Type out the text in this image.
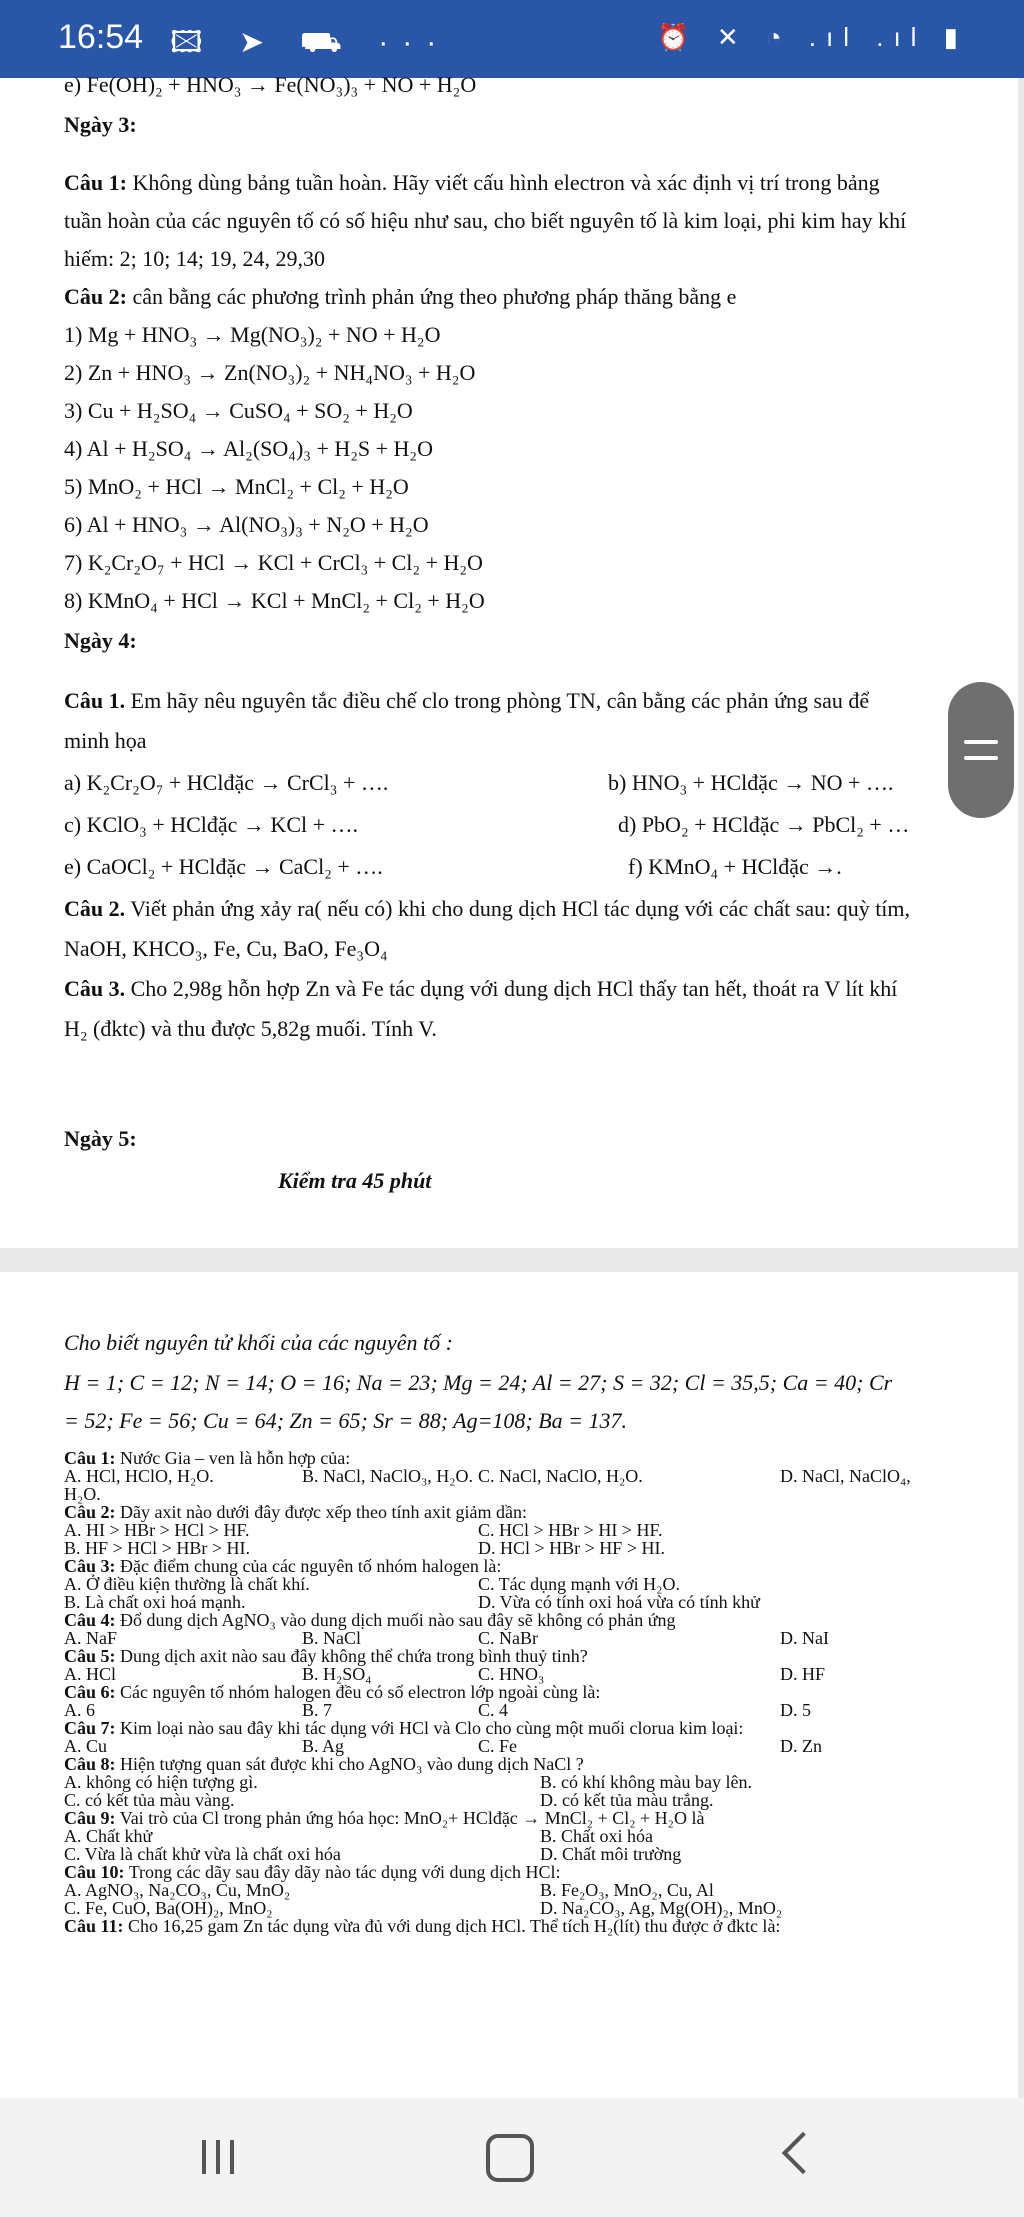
16:54 🖾 ➤ ⛟ ···	⏰ ✕ ◔ .ıl .ıl ▮
e) Fe(OH)₂ + HNO₃ → Fe(NO₃)₃ + NO + H₂O
Ngày 3:
Câu 1: Không dùng bảng tuần hoàn. Hãy viết cấu hình electron và xác định vị trí trong bảng
tuần hoàn của các nguyên tố có số hiệu như sau, cho biết nguyên tố là kim loại, phi kim hay khí
hiếm: 2; 10; 14; 19, 24, 29,30
Câu 2: cân bằng các phương trình phản ứng theo phương pháp thăng bằng e
1) Mg + HNO₃ → Mg(NO₃)₂ + NO + H₂O
2) Zn + HNO₃ → Zn(NO₃)₂ + NH₄NO₃ + H₂O
3) Cu + H₂SO₄ → CuSO₄ + SO₂ + H₂O
4) Al + H₂SO₄ → Al₂(SO₄)₃ + H₂S + H₂O
5) MnO₂ + HCl → MnCl₂ + Cl₂ + H₂O
6) Al + HNO₃ → Al(NO₃)₃ + N₂O + H₂O
7) K₂Cr₂O₇ + HCl → KCl + CrCl₃ + Cl₂ + H₂O
8) KMnO₄ + HCl → KCl + MnCl₂ + Cl₂ + H₂O
Ngày 4:
Câu 1. Em hãy nêu nguyên tắc điều chế clo trong phòng TN, cân bằng các phản ứng sau để
minh họa
a) K₂Cr₂O₇ + HClđặc → CrCl₃ + ….	b) HNO₃ + HClđặc → NO + ….
c) KClO₃ + HClđặc → KCl + ….	d) PbO₂ + HClđặc → PbCl₂ + …
e) CaOCl₂ + HClđặc → CaCl₂ + ….	f) KMnO₄ + HClđặc →.
Câu 2. Viết phản ứng xảy ra( nếu có) khi cho dung dịch HCl tác dụng với các chất sau: quỳ tím,
NaOH, KHCO₃, Fe, Cu, BaO, Fe₃O₄
Câu 3. Cho 2,98g hỗn hợp Zn và Fe tác dụng với dung dịch HCl thấy tan hết, thoát ra V lít khí
H₂ (đktc) và thu được 5,82g muối. Tính V.
Ngày 5:
Kiểm tra 45 phút
Cho biết nguyên tử khối của các nguyên tố :
H = 1; C = 12; N = 14; O = 16; Na = 23; Mg = 24; Al = 27; S = 32; Cl = 35,5; Ca = 40; Cr
= 52; Fe = 56; Cu = 64; Zn = 65; Sr = 88; Ag=108; Ba = 137.
Câu 1: Nước Gia – ven là hỗn hợp của:
A. HCl, HClO, H₂O.	B. NaCl, NaClO₃, H₂O. C. NaCl, NaClO, H₂O.	D. NaCl, NaClO₄,
H₂O.
Câu 2: Dãy axit nào dưới đây được xếp theo tính axit giảm dần:
A. HI > HBr > HCl > HF.	C. HCl > HBr > HI > HF.
B. HF > HCl > HBr > HI.	D. HCl > HBr > HF > HI.
Câu 3: Đặc điểm chung của các nguyên tố nhóm halogen là:
A. Ở điều kiện thường là chất khí.	C. Tác dụng mạnh với H₂O.
B. Là chất oxi hoá mạnh.	D. Vừa có tính oxi hoá vừa có tính khử
Câu 4: Đổ dung dịch AgNO₃ vào dung dịch muối nào sau đây sẽ không có phản ứng
A. NaF	B. NaCl	C. NaBr	D. NaI
Câu 5: Dung dịch axit nào sau đây không thể chứa trong bình thuỷ tinh?
A. HCl	B. H₂SO₄	C. HNO₃	D. HF
Câu 6: Các nguyên tố nhóm halogen đều có số electron lớp ngoài cùng là:
A. 6	B. 7	C. 4	D. 5
Câu 7: Kim loại nào sau đây khi tác dụng với HCl và Clo cho cùng một muối clorua kim loại:
A. Cu	B. Ag	C. Fe	D. Zn
Câu 8: Hiện tượng quan sát được khi cho AgNO₃ vào dung dịch NaCl ?
A. không có hiện tượng gì.	B. có khí không màu bay lên.
C. có kết tủa màu vàng.	D. có kết tủa màu trắng.
Câu 9: Vai trò của Cl trong phản ứng hóa học: MnO₂+ HClđặc → MnCl₂ + Cl₂ + H₂O là
A. Chất khử	B. Chất oxi hóa
C. Vừa là chất khử vừa là chất oxi hóa	D. Chất môi trường
Câu 10: Trong các dãy sau đây dãy nào tác dụng với dung dịch HCl:
A. AgNO₃, Na₂CO₃, Cu, MnO₂	B. Fe₂O₃, MnO₂, Cu, Al
C. Fe, CuO, Ba(OH)₂, MnO₂	D. Na₂CO₃, Ag, Mg(OH)₂, MnO₂
Câu 11: Cho 16,25 gam Zn tác dụng vừa đủ với dung dịch HCl. Thể tích H₂(lít) thu được ở đktc là:
